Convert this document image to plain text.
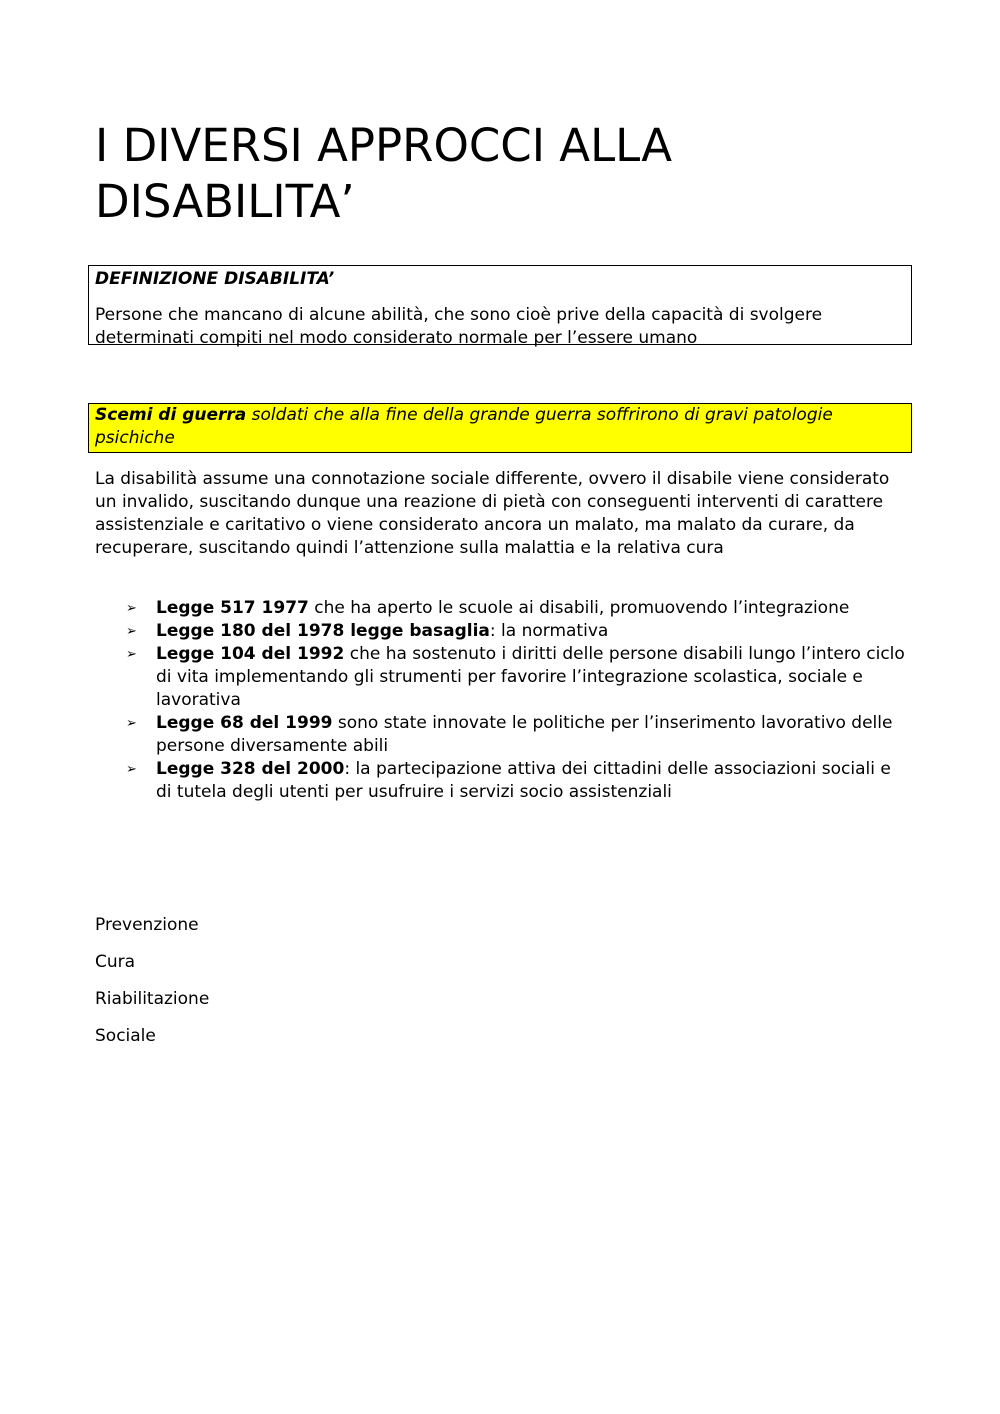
I DIVERSI APPROCCI ALLA DISABILITA’

DEFINIZIONE DISABILITA’

Persone che mancano di alcune abilità, che sono cioè prive della capacità di svolgere determinati compiti nel modo considerato normale per l’essere umano

Scemi di guerra soldati che alla fine della grande guerra soffrirono di gravi patologie psichiche

La disabilità assume una connotazione sociale differente, ovvero il disabile viene considerato un invalido, suscitando dunque una reazione di pietà con conseguenti interventi di carattere assistenziale e caritativo o viene considerato ancora un malato, ma malato da curare, da recuperare, suscitando quindi l’attenzione sulla malattia e la relativa cura

➢ Legge 517 1977 che ha aperto le scuole ai disabili, promuovendo l’integrazione
➢ Legge 180 del 1978 legge basaglia: la normativa
➢ Legge 104 del 1992 che ha sostenuto i diritti delle persone disabili lungo l’intero ciclo di vita implementando gli strumenti per favorire l’integrazione scolastica, sociale e lavorativa
➢ Legge 68 del 1999 sono state innovate le politiche per l’inserimento lavorativo delle persone diversamente abili
➢ Legge 328 del 2000: la partecipazione attiva dei cittadini delle associazioni sociali e di tutela degli utenti per usufruire i servizi socio assistenziali
Prevenzione
Cura
Riabilitazione
Sociale
